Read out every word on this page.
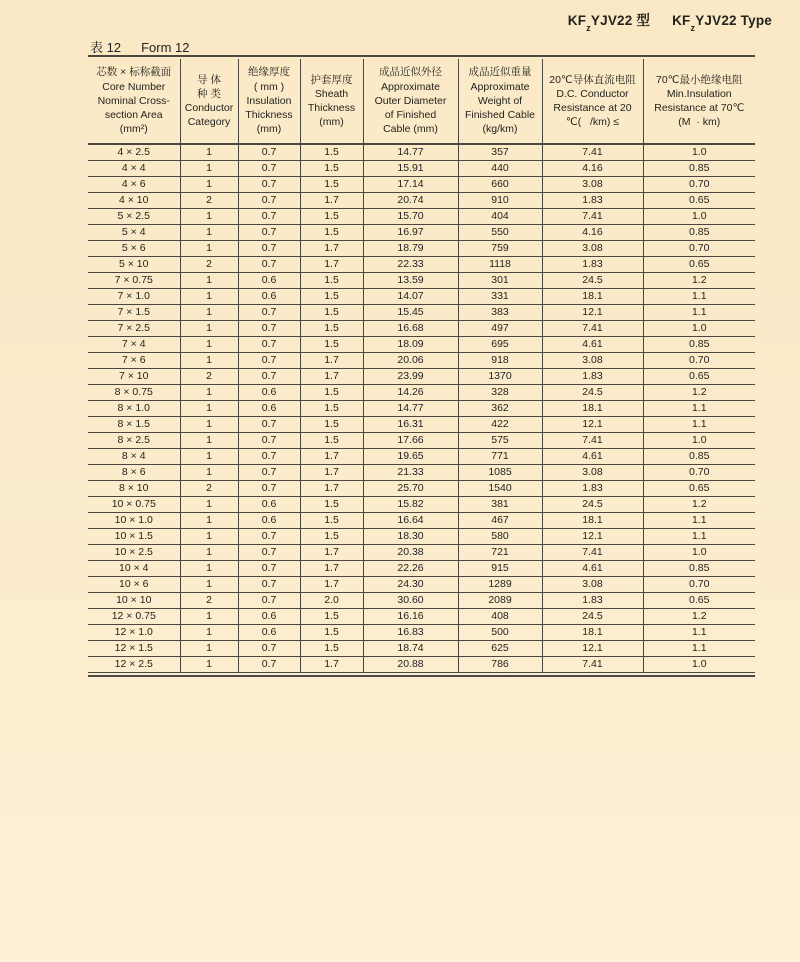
$KF_zYJV22$ 型 $KF_zYJV22$ Type
表 12 Form 12
芯数 × 标称截面
Core Number
Nominal Cross-
section Area
(mm²)	导 体
种 类
Conductor
Category	绝缘厚度
( mm )
Insulation
Thickness
(mm)	护套厚度
Sheath
Thickness
(mm)	成品近似外径
Approximate
Outer Diameter
of Finished
Cable (mm)	成品近似重量
Approximate
Weight of
Finished Cable
(kg/km)	20℃导体直流电阻
D.C. Conductor
Resistance at 20
℃(   /km) ≤	70℃最小绝缘电阻
Min.Insulation
Resistance at 70℃
(M  · km)
4 × 2.5	1	0.7	1.5	14.77	357	7.41	1.0
4 × 4	1	0.7	1.5	15.91	440	4.16	0.85
4 × 6	1	0.7	1.5	17.14	660	3.08	0.70
4 × 10	2	0.7	1.7	20.74	910	1.83	0.65
5 × 2.5	1	0.7	1.5	15.70	404	7.41	1.0
5 × 4	1	0.7	1.5	16.97	550	4.16	0.85
5 × 6	1	0.7	1.7	18.79	759	3.08	0.70
5 × 10	2	0.7	1.7	22.33	1118	1.83	0.65
7 × 0.75	1	0.6	1.5	13.59	301	24.5	1.2
7 × 1.0	1	0.6	1.5	14.07	331	18.1	1.1
7 × 1.5	1	0.7	1.5	15.45	383	12.1	1.1
7 × 2.5	1	0.7	1.5	16.68	497	7.41	1.0
7 × 4	1	0.7	1.5	18.09	695	4.61	0.85
7 × 6	1	0.7	1.7	20.06	918	3.08	0.70
7 × 10	2	0.7	1.7	23.99	1370	1.83	0.65
8 × 0.75	1	0.6	1.5	14.26	328	24.5	1.2
8 × 1.0	1	0.6	1.5	14.77	362	18.1	1.1
8 × 1.5	1	0.7	1.5	16.31	422	12.1	1.1
8 × 2.5	1	0.7	1.5	17.66	575	7.41	1.0
8 × 4	1	0.7	1.7	19.65	771	4.61	0.85
8 × 6	1	0.7	1.7	21.33	1085	3.08	0.70
8 × 10	2	0.7	1.7	25.70	1540	1.83	0.65
10 × 0.75	1	0.6	1.5	15.82	381	24.5	1.2
10 × 1.0	1	0.6	1.5	16.64	467	18.1	1.1
10 × 1.5	1	0.7	1.5	18.30	580	12.1	1.1
10 × 2.5	1	0.7	1.7	20.38	721	7.41	1.0
10 × 4	1	0.7	1.7	22.26	915	4.61	0.85
10 × 6	1	0.7	1.7	24.30	1289	3.08	0.70
10 × 10	2	0.7	2.0	30.60	2089	1.83	0.65
12 × 0.75	1	0.6	1.5	16.16	408	24.5	1.2
12 × 1.0	1	0.6	1.5	16.83	500	18.1	1.1
12 × 1.5	1	0.7	1.5	18.74	625	12.1	1.1
12 × 2.5	1	0.7	1.7	20.88	786	7.41	1.0
